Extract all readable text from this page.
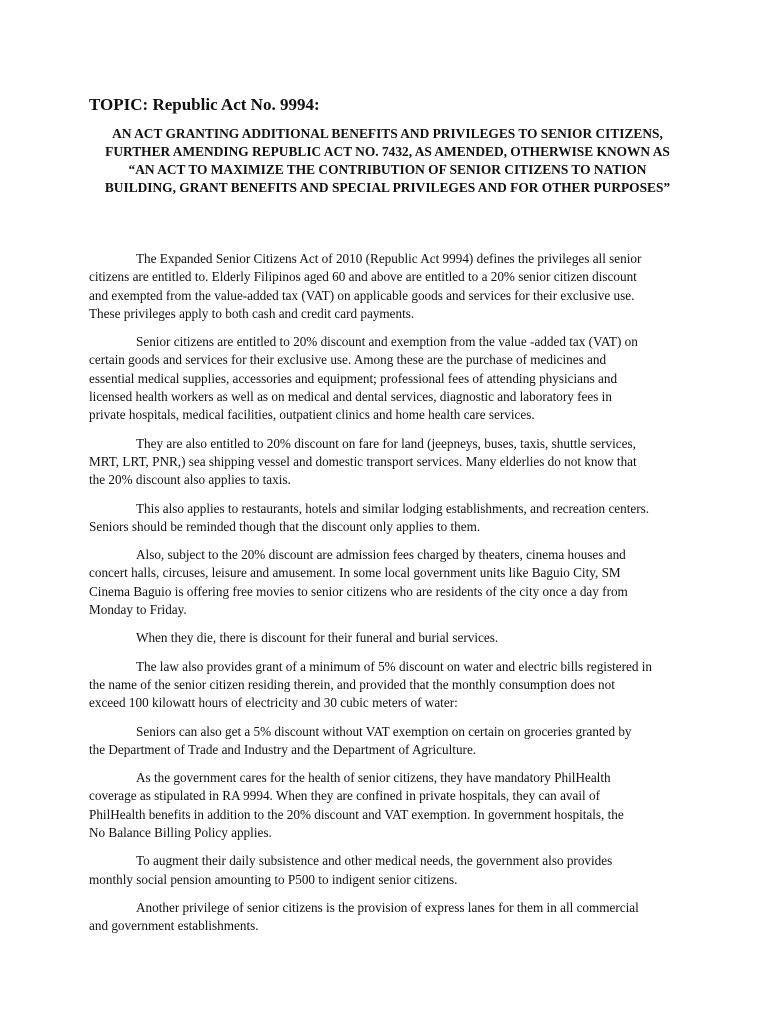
TOPIC: Republic Act No. 9994:
AN ACT GRANTING ADDITIONAL BENEFITS AND PRIVILEGES TO SENIOR CITIZENS,
FURTHER AMENDING REPUBLIC ACT NO. 7432, AS AMENDED, OTHERWISE KNOWN AS
“AN ACT TO MAXIMIZE THE CONTRIBUTION OF SENIOR CITIZENS TO NATION
BUILDING, GRANT BENEFITS AND SPECIAL PRIVILEGES AND FOR OTHER PURPOSES”
The Expanded Senior Citizens Act of 2010 (Republic Act 9994) defines the privileges all senior
citizens are entitled to. Elderly Filipinos aged 60 and above are entitled to a 20% senior citizen discount
and exempted from the value-added tax (VAT) on applicable goods and services for their exclusive use.
These privileges apply to both cash and credit card payments.
Senior citizens are entitled to 20% discount and exemption from the value -added tax (VAT) on
certain goods and services for their exclusive use. Among these are the purchase of medicines and
essential medical supplies, accessories and equipment; professional fees of attending physicians and
licensed health workers as well as on medical and dental services, diagnostic and laboratory fees in
private hospitals, medical facilities, outpatient clinics and home health care services.
They are also entitled to 20% discount on fare for land (jeepneys, buses, taxis, shuttle services,
MRT, LRT, PNR,) sea shipping vessel and domestic transport services. Many elderlies do not know that
the 20% discount also applies to taxis.
This also applies to restaurants, hotels and similar lodging establishments, and recreation centers.
Seniors should be reminded though that the discount only applies to them.
Also, subject to the 20% discount are admission fees charged by theaters, cinema houses and
concert halls, circuses, leisure and amusement. In some local government units like Baguio City, SM
Cinema Baguio is offering free movies to senior citizens who are residents of the city once a day from
Monday to Friday.
When they die, there is discount for their funeral and burial services.
The law also provides grant of a minimum of 5% discount on water and electric bills registered in
the name of the senior citizen residing therein, and provided that the monthly consumption does not
exceed 100 kilowatt hours of electricity and 30 cubic meters of water:
Seniors can also get a 5% discount without VAT exemption on certain on groceries granted by
the Department of Trade and Industry and the Department of Agriculture.
As the government cares for the health of senior citizens, they have mandatory PhilHealth
coverage as stipulated in RA 9994. When they are confined in private hospitals, they can avail of
PhilHealth benefits in addition to the 20% discount and VAT exemption. In government hospitals, the
No Balance Billing Policy applies.
To augment their daily subsistence and other medical needs, the government also provides
monthly social pension amounting to P500 to indigent senior citizens.
Another privilege of senior citizens is the provision of express lanes for them in all commercial
and government establishments.
